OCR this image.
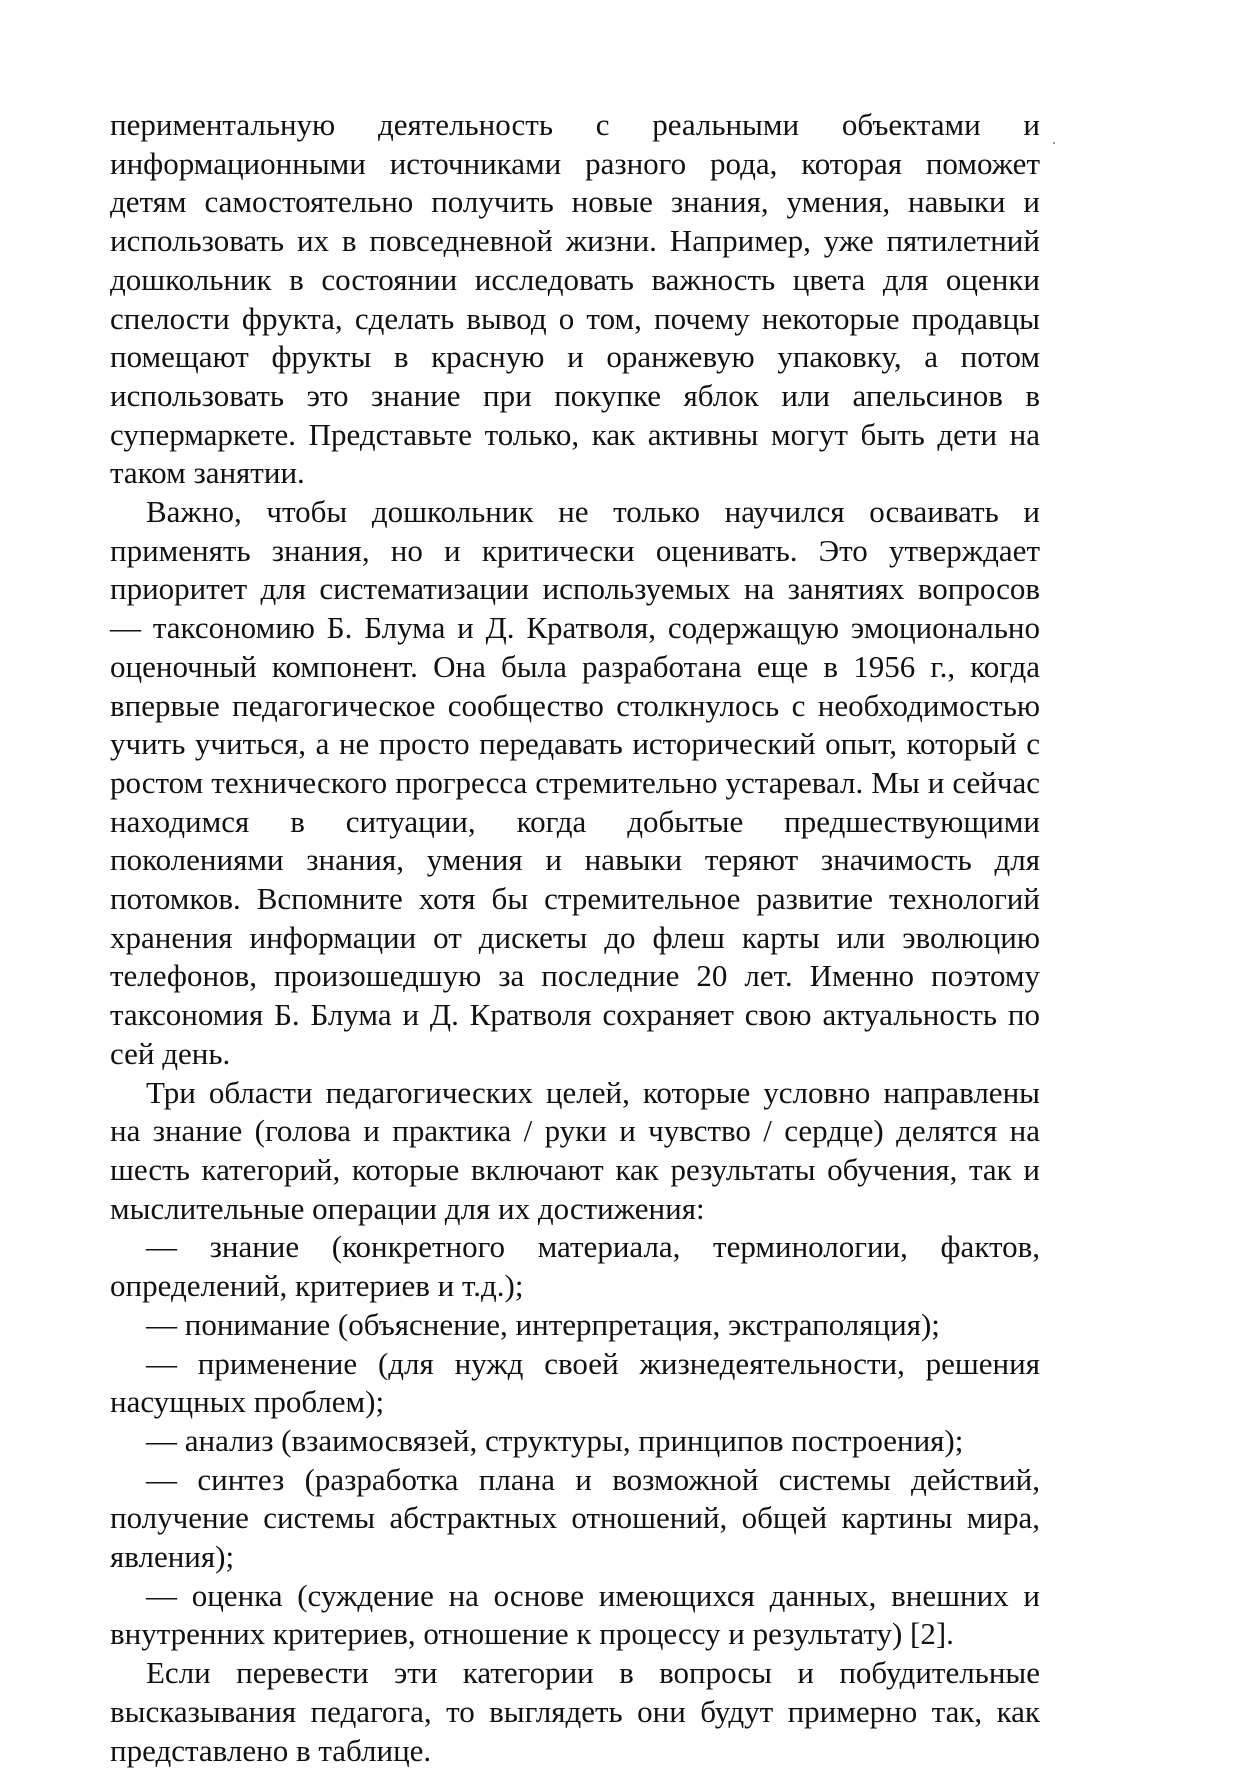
периментальную деятельность с реальными объектами и информационными источниками разного рода, которая поможет детям самостоятельно получить новые знания, умения, навыки и использовать их в повседневной жизни. Например, уже пятилетний дошкольник в состоянии исследовать важность цвета для оценки спелости фрукта, сделать вывод о том, почему некоторые продавцы помещают фрукты в красную и оранжевую упаковку, а потом использовать это знание при покупке яблок или апельсинов в супермаркете. Представьте только, как активны могут быть дети на таком занятии.

Важно, чтобы дошкольник не только научился осваивать и применять знания, но и критически оценивать. Это утверждает приоритет для систематизации используемых на занятиях вопросов — таксономию Б. Блума и Д. Кратволя, содержащую эмоционально оценочный компонент. Она была разработана еще в 1956 г., когда впервые педагогическое сообщество столкнулось с необходимостью учить учиться, а не просто передавать исторический опыт, который с ростом технического прогресса стремительно устаревал. Мы и сейчас находимся в ситуации, когда добытые предшествующими поколениями знания, умения и навыки теряют значимость для потомков. Вспомните хотя бы стремительное развитие технологий хранения информации от дискеты до флеш карты или эволюцию телефонов, произошедшую за последние 20 лет. Именно поэтому таксономия Б. Блума и Д. Кратволя сохраняет свою актуальность по сей день.

Три области педагогических целей, которые условно направлены на знание (голова и практика / руки и чувство / сердце) делятся на шесть категорий, которые включают как результаты обучения, так и мыслительные операции для их достижения:

— знание (конкретного материала, терминологии, фактов, определений, критериев и т.д.);

— понимание (объяснение, интерпретация, экстраполяция);

— применение (для нужд своей жизнедеятельности, решения насущных проблем);

— анализ (взаимосвязей, структуры, принципов построения);

— синтез (разработка плана и возможной системы действий, получение системы абстрактных отношений, общей картины мира, явления);

— оценка (суждение на основе имеющихся данных, внешних и внутренних критериев, отношение к процессу и результату) [2].

Если перевести эти категории в вопросы и побудительные высказывания педагога, то выглядеть они будут примерно так, как представлено в таблице.
